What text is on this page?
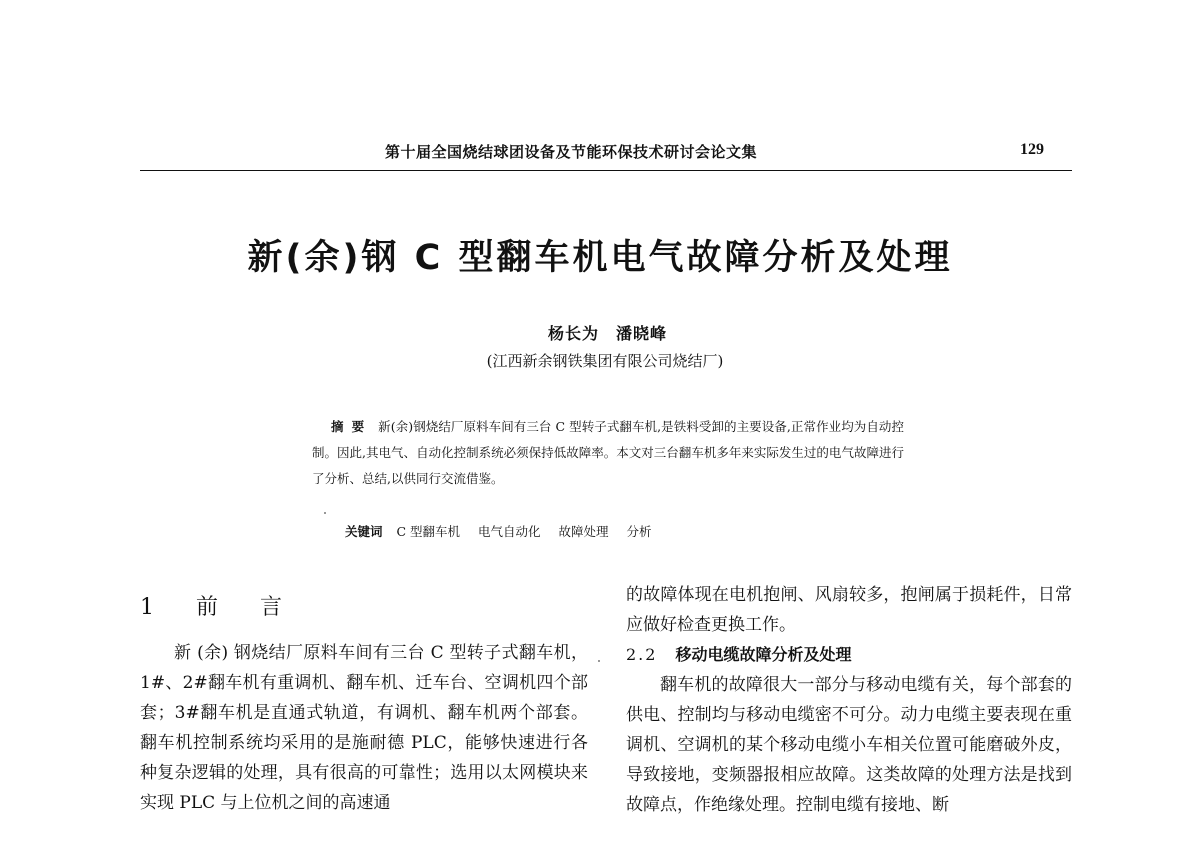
第十届全国烧结球团设备及节能环保技术研讨会论文集	129
新(余)钢 C 型翻车机电气故障分析及处理
杨长为　潘晓峰
(江西新余钢铁集团有限公司烧结厂)
摘要 新(余)钢烧结厂原料车间有三台 C 型转子式翻车机,是铁料受卸的主要设备,正常作业均为自动控制。因此,其电气、自动化控制系统必须保持低故障率。本文对三台翻车机多年来实际发生过的电气故障进行了分析、总结,以供同行交流借鉴。
关键词 C 型翻车机 电气自动化 故障处理 分析
1　前　言

新 (余) 钢烧结厂原料车间有三台 C 型转子式翻车机，1#、2#翻车机有重调机、翻车机、迁车台、空调机四个部套；3#翻车机是直通式轨道，有调机、翻车机两个部套。翻车机控制系统均采用的是施耐德 PLC，能够快速进行各种复杂逻辑的处理，具有很高的可靠性；选用以太网模块来实现 PLC 与上位机之间的高速通

的故障体现在电机抱闸、风扇较多，抱闸属于损耗件，日常应做好检查更换工作。

2.2 移动电缆故障分析及处理

翻车机的故障很大一部分与移动电缆有关，每个部套的供电、控制均与移动电缆密不可分。动力电缆主要表现在重调机、空调机的某个移动电缆小车相关位置可能磨破外皮，导致接地，变频器报相应故障。这类故障的处理方法是找到故障点，作绝缘处理。控制电缆有接地、断
